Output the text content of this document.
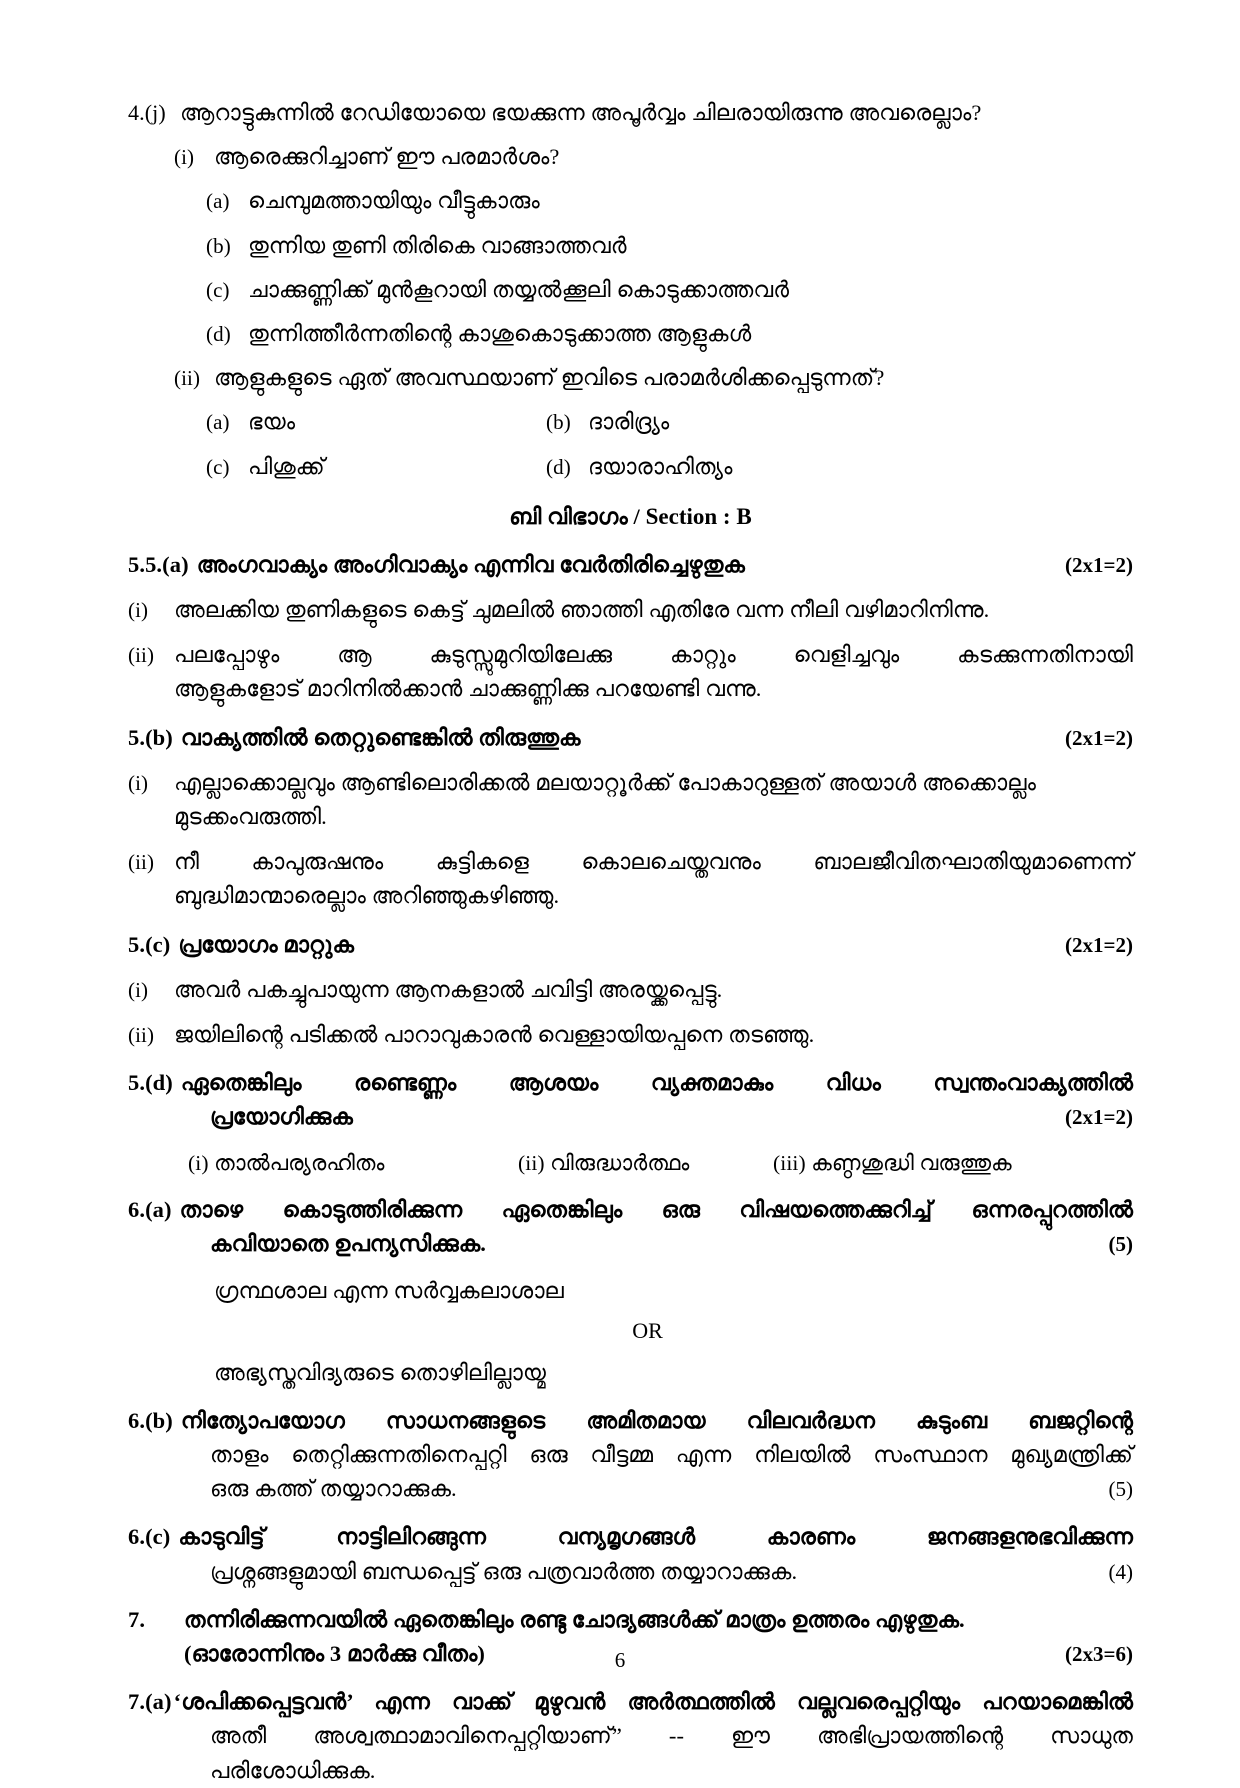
4.(j) ആറാട്ടുകുന്നിൽ റേഡിയോയെ ഭയക്കുന്ന അപൂർവ്വം ചിലരായിരുന്നു അവരെല്ലാം?
(i) ആരെക്കുറിച്ചാണ് ഈ പരമാർശം?
(a) ചെമ്പുമത്തായിയും വീട്ടുകാരും
(b) തുന്നിയ തുണി തിരികെ വാങ്ങാത്തവർ
(c) ചാക്കുണ്ണിക്ക് മുൻകൂറായി തയ്യൽക്കൂലി കൊടുക്കാത്തവർ
(d) തുന്നിത്തീർന്നതിന്റെ കാശുകൊടുക്കാത്ത ആളുകൾ
(ii) ആളുകളുടെ ഏത് അവസ്ഥയാണ് ഇവിടെ പരാമർശിക്കപ്പെടുന്നത്?
(a) ഭയം	(b) ദാരിദ്ര്യം
(c) പിശുക്ക്	(d) ദയാരാഹിത്യം
ബി വിഭാഗം / Section : B
5.5.(a) അംഗവാക്യം അംഗിവാക്യം എന്നിവ വേർതിരിച്ചെഴുതുക	(2x1=2)
(i)	അലക്കിയ തുണികളുടെ കെട്ട് ചുമലിൽ ഞാത്തി എതിരേ വന്ന നീലി വഴിമാറിനിന്നു.
(ii) പലപ്പോഴും ആ കുടുസ്സുമുറിയിലേക്കു കാറ്റും വെളിച്ചവും കടക്കുന്നതിനായി
ആളുകളോട് മാറിനിൽക്കാൻ ചാക്കുണ്ണിക്കു പറയേണ്ടി വന്നു.
5.(b) വാക്യത്തിൽ തെറ്റുണ്ടെങ്കിൽ തിരുത്തുക	(2x1=2)
(i)	എല്ലാക്കൊല്ലവും ആണ്ടിലൊരിക്കൽ മലയാറ്റൂർക്ക് പോകാറുള്ളത് അയാൾ അക്കൊല്ലം
മുടക്കംവരുത്തി.
(ii) നീ കാപുരുഷനും കുട്ടികളെ കൊലചെയ്തവനും ബാലജീവിതഘാതിയുമാണെന്ന്
ബുദ്ധിമാന്മാരെല്ലാം അറിഞ്ഞുകഴിഞ്ഞു.
5.(c) പ്രയോഗം മാറ്റുക	(2x1=2)
(i)	അവർ പകച്ചുപായുന്ന ആനകളാൽ ചവിട്ടി അരയ്ക്കപ്പെട്ടു.
(ii) ജയിലിന്റെ പടിക്കൽ പാറാവുകാരൻ വെള്ളായിയപ്പനെ തടഞ്ഞു.
5.(d) ഏതെങ്കിലും രണ്ടെണ്ണം ആശയം വ്യക്തമാകും വിധം സ്വന്തംവാക്യത്തിൽ
പ്രയോഗിക്കുക	(2x1=2)
(i) താൽപര്യരഹിതം	(ii) വിരുദ്ധാർത്ഥം	(iii) കണ്ഠശുദ്ധി വരുത്തുക
6.(a) താഴെ കൊടുത്തിരിക്കുന്ന ഏതെങ്കിലും ഒരു വിഷയത്തെക്കുറിച്ച് ഒന്നരപ്പുറത്തിൽ
കവിയാതെ ഉപന്യസിക്കുക.	(5)
ഗ്രന്ഥശാല എന്ന സർവ്വകലാശാല
OR
അഭ്യസ്തവിദ്യരുടെ തൊഴിലില്ലായ്മ
6.(b) നിത്യോപയോഗ സാധനങ്ങളുടെ അമിതമായ വിലവർദ്ധന കുടുംബ ബജറ്റിന്റെ
താളം തെറ്റിക്കുന്നതിനെപ്പറ്റി ഒരു വീട്ടമ്മ എന്ന നിലയിൽ സംസ്ഥാന മുഖ്യമന്ത്രിക്ക്
ഒരു കത്ത് തയ്യാറാക്കുക.	(5)
6.(c) കാടുവിട്ട് നാട്ടിലിറങ്ങുന്ന വന്യമൃഗങ്ങൾ കാരണം ജനങ്ങളനുഭവിക്കുന്ന
പ്രശ്നങ്ങളുമായി ബന്ധപ്പെട്ട് ഒരു പത്രവാർത്ത തയ്യാറാക്കുക.	(4)
7.	തന്നിരിക്കുന്നവയിൽ ഏതെങ്കിലും രണ്ടു ചോദ്യങ്ങൾക്ക് മാത്രം ഉത്തരം എഴുതുക.
(ഓരോന്നിനും 3 മാർക്കു വീതം)	(2x3=6)
7.(a) ‘ശപിക്കപ്പെട്ടവൻ’ എന്ന വാക്ക് മുഴുവൻ അർത്ഥത്തിൽ വല്ലവരെപ്പറ്റിയും പറയാമെങ്കിൽ
അതീ അശ്വത്ഥാമാവിനെപ്പറ്റിയാണ്” -- ഈ അഭിപ്രായത്തിന്റെ സാധുത
പരിശോധിക്കുക.
6
